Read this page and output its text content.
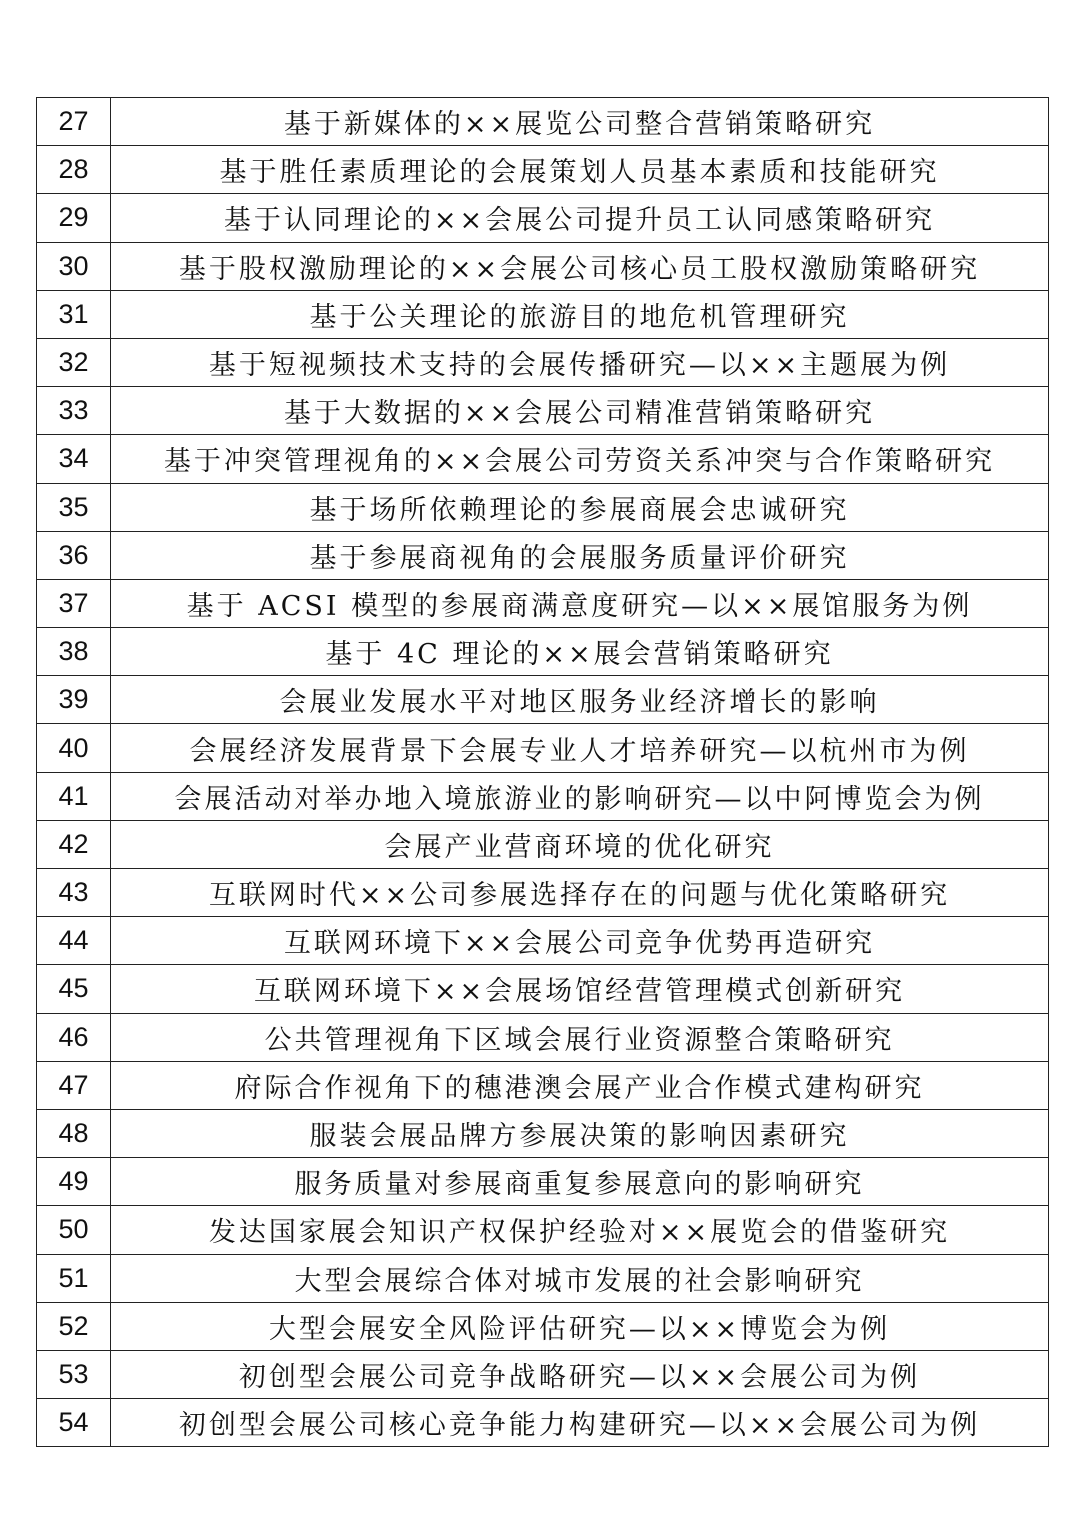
27	基于新媒体的××展览公司整合营销策略研究
28	基于胜任素质理论的会展策划人员基本素质和技能研究
29	基于认同理论的××会展公司提升员工认同感策略研究
30	基于股权激励理论的××会展公司核心员工股权激励策略研究
31	基于公关理论的旅游目的地危机管理研究
32	基于短视频技术支持的会展传播研究—以××主题展为例
33	基于大数据的××会展公司精准营销策略研究
34	基于冲突管理视角的××会展公司劳资关系冲突与合作策略研究
35	基于场所依赖理论的参展商展会忠诚研究
36	基于参展商视角的会展服务质量评价研究
37	基于 ACSI 模型的参展商满意度研究—以××展馆服务为例
38	基于 4C 理论的××展会营销策略研究
39	会展业发展水平对地区服务业经济增长的影响
40	会展经济发展背景下会展专业人才培养研究—以杭州市为例
41	会展活动对举办地入境旅游业的影响研究—以中阿博览会为例
42	会展产业营商环境的优化研究
43	互联网时代××公司参展选择存在的问题与优化策略研究
44	互联网环境下××会展公司竞争优势再造研究
45	互联网环境下××会展场馆经营管理模式创新研究
46	公共管理视角下区域会展行业资源整合策略研究
47	府际合作视角下的穗港澳会展产业合作模式建构研究
48	服装会展品牌方参展决策的影响因素研究
49	服务质量对参展商重复参展意向的影响研究
50	发达国家展会知识产权保护经验对××展览会的借鉴研究
51	大型会展综合体对城市发展的社会影响研究
52	大型会展安全风险评估研究—以××博览会为例
53	初创型会展公司竞争战略研究—以××会展公司为例
54	初创型会展公司核心竞争能力构建研究—以××会展公司为例
